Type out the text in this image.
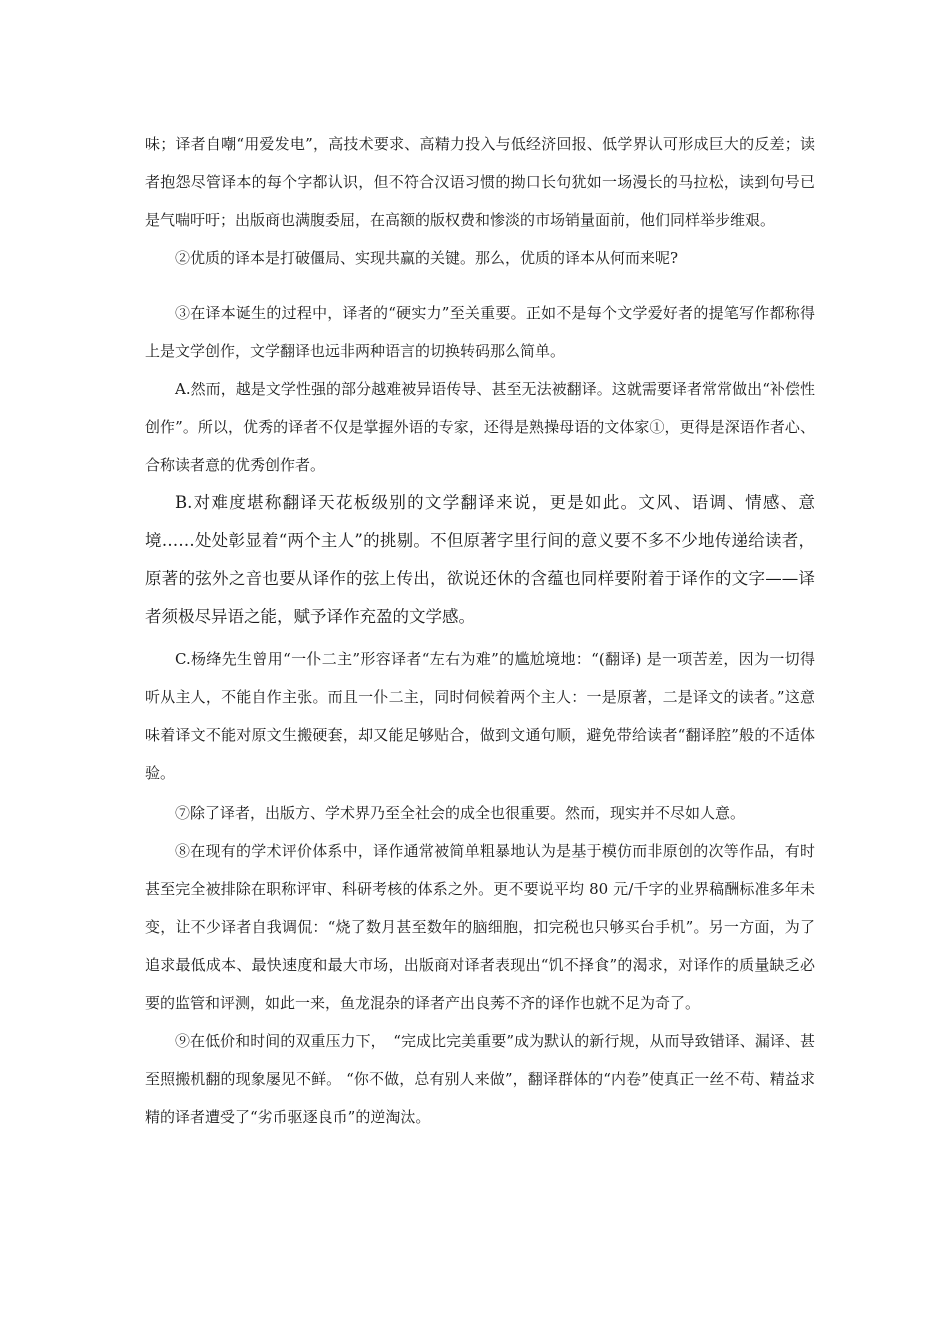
味；译者自嘲“用爱发电”，高技术要求、高精力投入与低经济回报、低学界认可形成巨大的反差；读者抱怨尽管译本的每个字都认识，但不符合汉语习惯的拗口长句犹如一场漫长的马拉松，读到句号已是气喘吁吁；出版商也满腹委屈，在高额的版权费和惨淡的市场销量面前，他们同样举步维艰。

②优质的译本是打破僵局、实现共赢的关键。那么，优质的译本从何而来呢?

③在译本诞生的过程中，译者的“硬实力”至关重要。正如不是每个文学爱好者的提笔写作都称得上是文学创作，文学翻译也远非两种语言的切换转码那么简单。

A.然而，越是文学性强的部分越难被异语传导、甚至无法被翻译。这就需要译者常常做出“补偿性创作”。所以，优秀的译者不仅是掌握外语的专家，还得是熟操母语的文体家①，更得是深语作者心、合称读者意的优秀创作者。

B.对难度堪称翻译天花板级别的文学翻译来说，更是如此。文风、语调、情感、意境……处处彰显着“两个主人”的挑剔。不但原著字里行间的意义要不多不少地传递给读者，原著的弦外之音也要从译作的弦上传出，欲说还休的含蕴也同样要附着于译作的文字——译者须极尽异语之能，赋予译作充盈的文学感。

C.杨绛先生曾用“一仆二主”形容译者“左右为难”的尴尬境地：“(翻译) 是一项苦差，因为一切得听从主人，不能自作主张。而且一仆二主，同时伺候着两个主人：一是原著，二是译文的读者。”这意味着译文不能对原文生搬硬套，却又能足够贴合，做到文通句顺，避免带给读者“翻译腔”般的不适体验。

⑦除了译者，出版方、学术界乃至全社会的成全也很重要。然而，现实并不尽如人意。

⑧在现有的学术评价体系中，译作通常被简单粗暴地认为是基于模仿而非原创的次等作品，有时甚至完全被排除在职称评审、科研考核的体系之外。更不要说平均 80 元/千字的业界稿酬标准多年未变，让不少译者自我调侃：“烧了数月甚至数年的脑细胞，扣完税也只够买台手机”。另一方面，为了追求最低成本、最快速度和最大市场，出版商对译者表现出“饥不择食”的渴求，对译作的质量缺乏必要的监管和评测，如此一来，鱼龙混杂的译者产出良莠不齐的译作也就不足为奇了。

⑨在低价和时间的双重压力下，　“完成比完美重要”成为默认的新行规，从而导致错译、漏译、甚至照搬机翻的现象屡见不鲜。 “你不做，总有别人来做”，翻译群体的“内卷”使真正一丝不苟、精益求精的译者遭受了“劣币驱逐良币”的逆淘汰。
